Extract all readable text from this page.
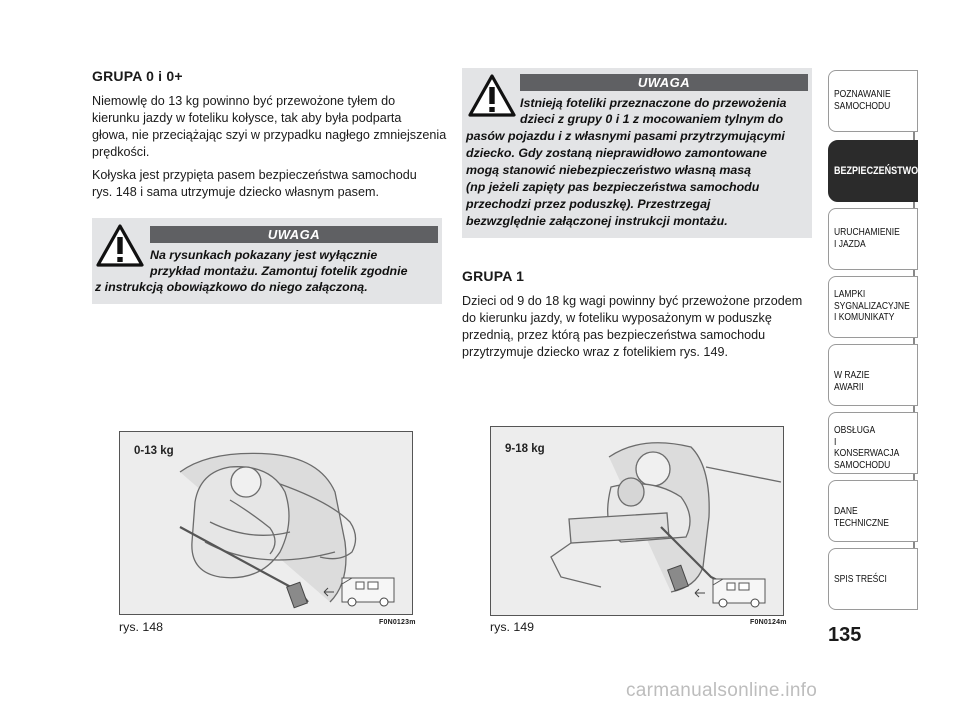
GRUPA 0 i 0+
Niemowlę do 13 kg powinno być przewożone tyłem do
kierunku jazdy w foteliku kołysce, tak aby była podparta
głowa, nie przeciążając szyi w przypadku nagłego zmniejszenia
prędkości.
Kołyska jest przypięta pasem bezpieczeństwa samochodu
rys. 148 i sama utrzymuje dziecko własnym pasem.
UWAGA
Na rysunkach pokazany jest wyłącznie
przykład montażu. Zamontuj fotelik zgodnie
z instrukcją obowiązkowo do niego załączoną.
UWAGA
Istnieją foteliki przeznaczone do przewożenia
dzieci z grupy 0 i 1 z mocowaniem tylnym do
pasów pojazdu i z własnymi pasami przytrzymującymi
dziecko. Gdy zostaną nieprawidłowo zamontowane
mogą stanowić niebezpieczeństwo własną masą
(np jeżeli zapięty pas bezpieczeństwa samochodu
przechodzi przez poduszkę). Przestrzegaj
bezwzględnie załączonej instrukcji montażu.
GRUPA 1
Dzieci od 9 do 18 kg wagi powinny być przewożone przodem
do kierunku jazdy, w foteliku wyposażonym w poduszkę
przednią, przez którą pas bezpieczeństwa samochodu
przytrzymuje dziecko wraz z fotelikiem rys. 149.
0-13 kg
rys. 148	F0N0123m
9-18 kg
rys. 149	F0N0124m
POZNAWANIE
SAMOCHODU
BEZPIECZEŃSTWO
URUCHAMIENIE
I JAZDA
LAMPKI
SYGNALIZACYJNE
I KOMUNIKATY
W RAZIE AWARII
OBSŁUGA
I KONSERWACJA
SAMOCHODU
DANE TECHNICZNE
SPIS TREŚCI
135
carmanualsonline.info
